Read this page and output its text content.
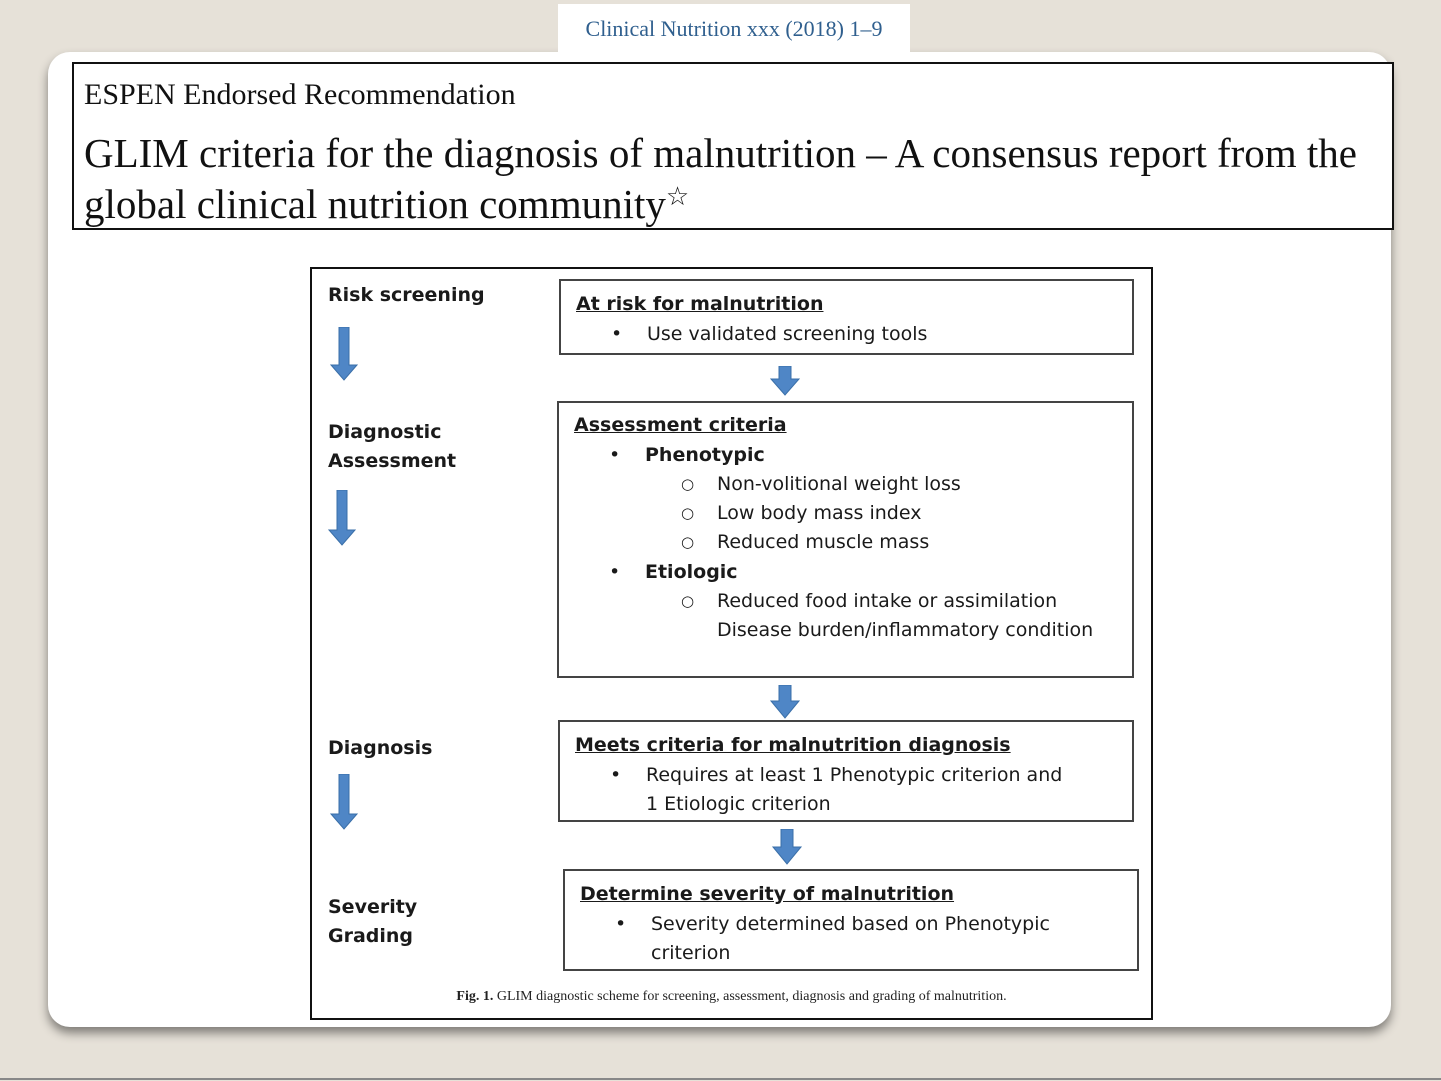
Clinical Nutrition xxx (2018) 1–9
ESPEN Endorsed Recommendation
GLIM criteria for the diagnosis of malnutrition – A consensus report from the global clinical nutrition community☆
Risk screening
Diagnostic
Assessment
Diagnosis
Severity
Grading
At risk for malnutrition
• Use validated screening tools
Assessment criteria
• Phenotypic
○ Non-volitional weight loss
○ Low body mass index
○ Reduced muscle mass
• Etiologic
○ Reduced food intake or assimilation
Disease burden/inflammatory condition
Meets criteria for malnutrition diagnosis
• Requires at least 1 Phenotypic criterion and
1 Etiologic criterion
Determine severity of malnutrition
• Severity determined based on Phenotypic
criterion
Fig. 1. GLIM diagnostic scheme for screening, assessment, diagnosis and grading of malnutrition.
